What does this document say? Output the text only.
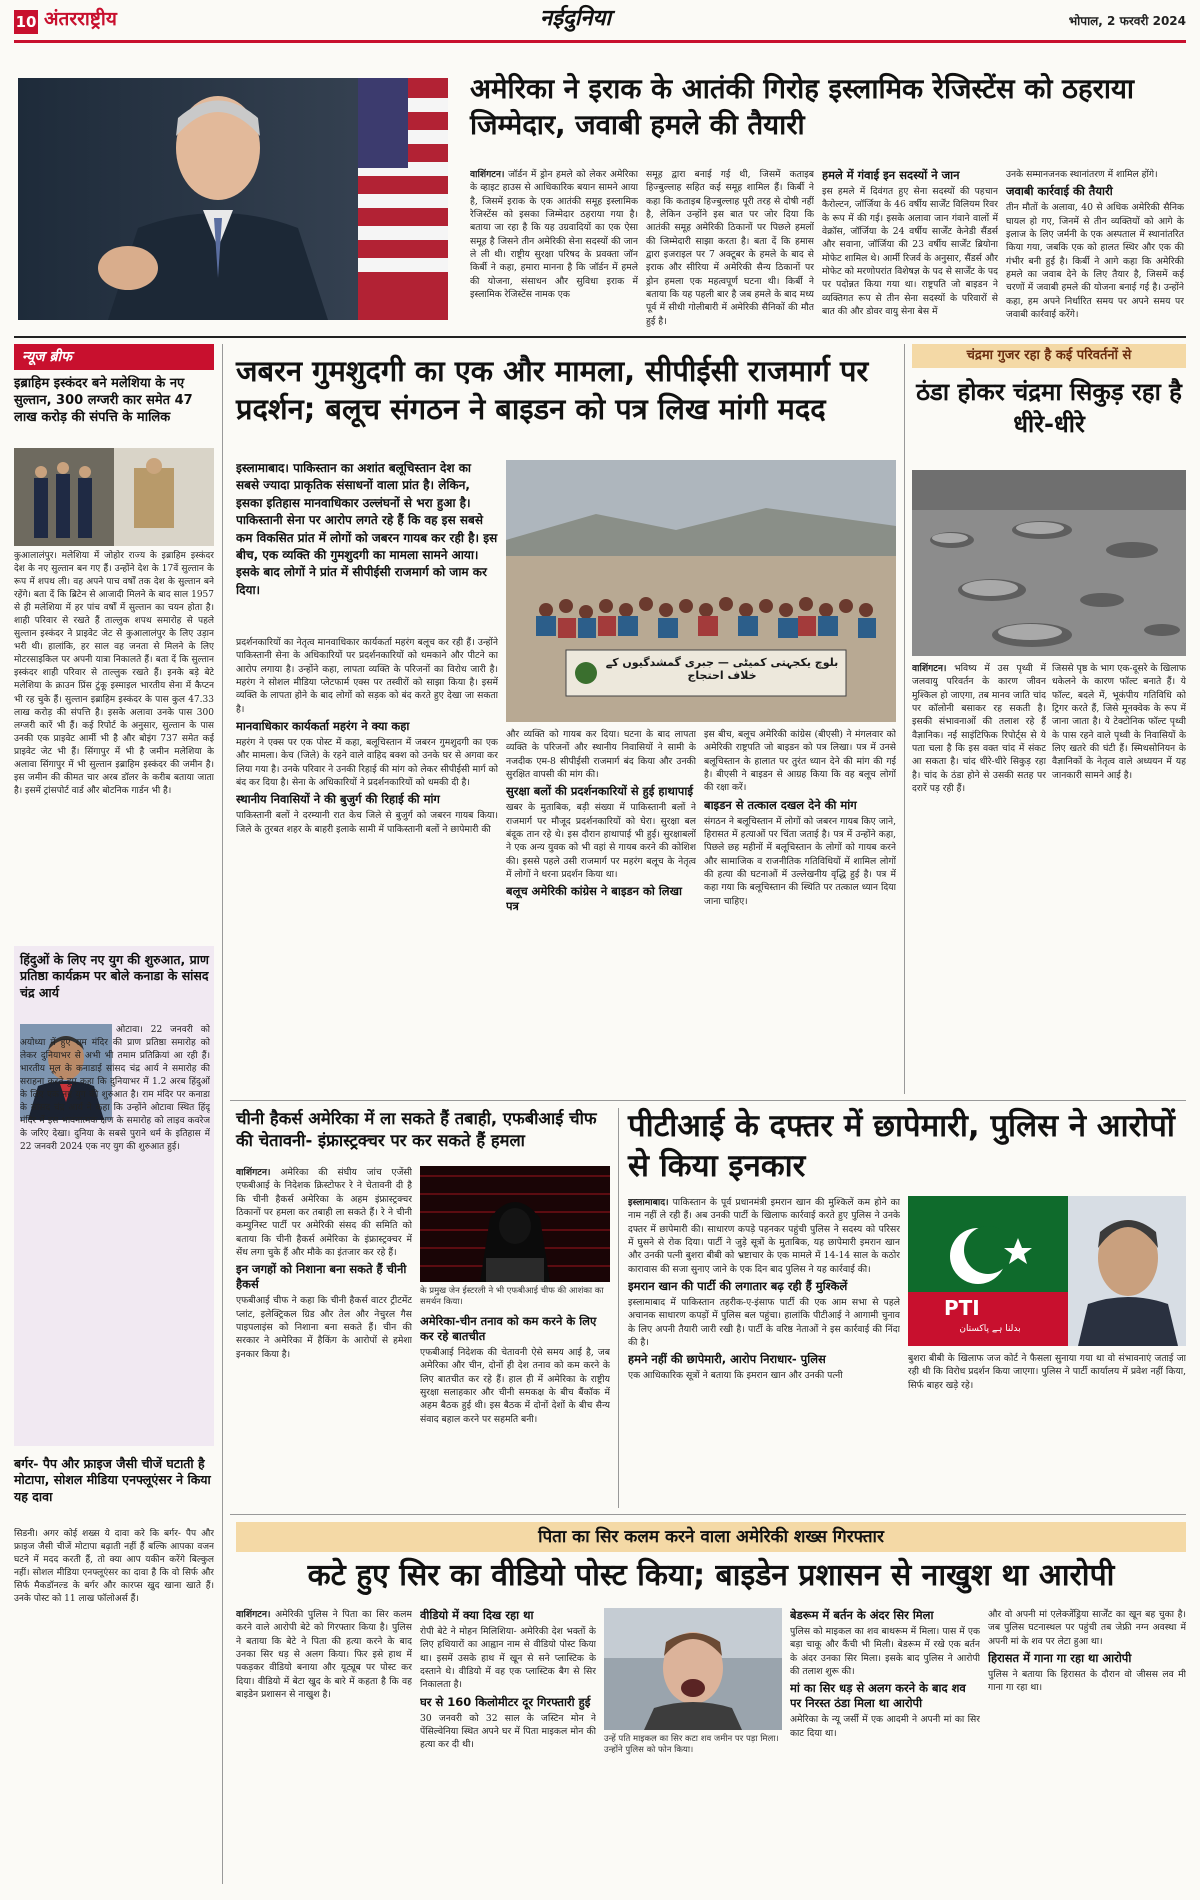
10 अंतरराष्ट्रीय	नईदुनिया	भोपाल, 2 फरवरी 2024
अमेरिका ने इराक के आतंकी गिरोह इस्लामिक रेजिस्टेंस को ठहराया जिम्मेदार, जवाबी हमले की तैयारी
वाशिंगटन। जॉर्डन में ड्रोन हमले को लेकर अमेरिका के व्हाइट हाउस से आधिकारिक बयान सामने आया है, जिसमें इराक के एक आतंकी समूह इस्लामिक रेजिस्टेंस को इसका जिम्मेदार ठहराया गया है। बताया जा रहा है कि यह उग्रवादियों का एक ऐसा समूह है जिसने तीन अमेरिकी सेना सदस्यों की जान ले ली थी। राष्ट्रीय सुरक्षा परिषद के प्रवक्ता जॉन किर्बी ने कहा, हमारा मानना है कि जॉर्डन में हमले की योजना, संसाधन और सुविधा इराक में इस्लामिक रेजिस्टेंस नामक एक
समूह द्वारा बनाई गई थी, जिसमें कताइब हिज्बुल्लाह सहित कई समूह शामिल हैं। किर्बी ने कहा कि कताइब हिज्बुल्लाह पूरी तरह से दोषी नहीं है, लेकिन उन्होंने इस बात पर जोर दिया कि आतंकी समूह अमेरिकी ठिकानों पर पिछले हमलों की जिम्मेदारी साझा करता है। बता दें कि हमास द्वारा इजराइल पर 7 अक्टूबर के हमले के बाद से इराक और सीरिया में अमेरिकी सैन्य ठिकानों पर ड्रोन हमला एक महत्वपूर्ण घटना थी। किर्बी ने बताया कि यह पहली बार है जब हमले के बाद मध्य पूर्व में सीधी गोलीबारी में अमेरिकी सैनिकों की मौत हुई है।
हमले में गंवाई इन सदस्यों ने जान
इस हमले में दिवंगत हुए सेना सदस्यों की पहचान कैरोल्टन, जॉर्जिया के 46 वर्षीय सार्जेंट विलियम रिवर के रूप में की गई। इसके अलावा जान गंवाने वालों में वेक्रॉस, जॉर्जिया के 24 वर्षीय सार्जेंट केनेडी सैंडर्स और सवाना, जॉर्जिया की 23 वर्षीय सार्जेंट ब्रियोना मोफेट शामिल थे। आर्मी रिजर्व के अनुसार, सैंडर्स और मोफेट को मरणोपरांत विशेषज्ञ के पद से सार्जेंट के पद पर पदोन्नत किया गया था। राष्ट्रपति जो बाइडन ने व्यक्तिगत रूप से तीन सेना सदस्यों के परिवारों से बात की और डोवर वायु सेना बेस में
उनके सम्मानजनक स्थानांतरण में शामिल होंगे।
जवाबी कार्रवाई की तैयारी
तीन मौतों के अलावा, 40 से अधिक अमेरिकी सैनिक घायल हो गए, जिनमें से तीन व्यक्तियों को आगे के इलाज के लिए जर्मनी के एक अस्पताल में स्थानांतरित किया गया, जबकि एक को हालत स्थिर और एक की गंभीर बनी हुई है। किर्बी ने आगे कहा कि अमेरिकी हमले का जवाब देने के लिए तैयार है, जिसमें कई चरणों में जवाबी हमले की योजना बनाई गई है। उन्होंने कहा, हम अपने निर्धारित समय पर अपने समय पर जवाबी कार्रवाई करेंगे।
न्यूज ब्रीफ
इब्राहिम इस्कंदर बने मलेशिया के नए सुल्तान, 300 लग्जरी कार समेत 47 लाख करोड़ की संपत्ति के मालिक
कुआलालंपुर। मलेशिया में जोहोर राज्य के इब्राहिम इस्कंदर देश के नए सुल्तान बन गए हैं। उन्होंने देश के 17वें सुल्तान के रूप में शपथ ली। वह अपने पाच वर्षों तक देश के सुल्तान बने रहेंगे। बता दें कि ब्रिटेन से आजादी मिलने के बाद साल 1957 से ही मलेशिया में हर पांच वर्षों में सुल्तान का चयन होता है। शाही परिवार से रखते हैं ताल्लुक शपथ समारोह से पहले सुल्तान इस्कंदर ने प्राइवेट जेट से कुआलालंपुर के लिए उड़ान भरी थी। हालांकि, हर साल वह जनता से मिलने के लिए मोटरसाइकिल पर अपनी यात्रा निकालते हैं। बता दें कि सुल्तान इस्कंदर शाही परिवार से ताल्लुक रखते हैं। इनके बड़े बेटे मलेशिया के क्राउन प्रिंस टुंकू इस्माइल भारतीय सेना में कैप्टन भी रह चुके हैं। सुल्तान इब्राहिम इस्कंदर के पास कुल 47.33 लाख करोड़ की संपत्ति है। इसके अलावा उनके पास 300 लग्जरी कारें भी हैं। कई रिपोर्ट के अनुसार, सुल्तान के पास उनकी एक प्राइवेट आर्मी भी है और बोइंग 737 समेत कई प्राइवेट जेट भी हैं। सिंगापुर में भी है जमीन मलेशिया के अलावा सिंगापुर में भी सुल्तान इब्राहिम इस्कंदर की जमीन है। इस जमीन की कीमत चार अरब डॉलर के करीब बताया जाता है। इसमें ट्रांसपोर्ट वार्ड और बोटनिक गार्डन भी है।
हिंदुओं के लिए नए युग की शुरुआत, प्राण प्रतिष्ठा कार्यक्रम पर बोले कनाडा के सांसद चंद्र आर्य
ओटावा। 22 जनवरी को अयोध्या में हुए राम मंदिर की प्राण प्रतिष्ठा समारोह को लेकर दुनियाभर से अभी भी तमाम प्रतिक्रियां आ रही हैं। भारतीय मूल के कनाडाई सांसद चंद्र आर्य ने समारोह की सराहना करते हुए कहा कि दुनियाभर में 1.2 अरब हिंदुओं के लिए एक नए युग की शुरुआत है। राम मंदिर पर कनाडा के सांसद चंद्र आर्य ने कहा कि उन्होंने ओटावा स्थित हिंदू मंदिर में इस भावनात्मक क्षण के समारोह को लाइव कवरेज के जरिए देखा। दुनिया के सबसे पुराने धर्म के इतिहास में 22 जनवरी 2024 एक नए युग की शुरुआत हुई।
बर्गर- पैप और फ्राइज जैसी चीजें घटाती है मोटापा, सोशल मीडिया एनफ्लूएंसर ने किया यह दावा
सिडनी। अगर कोई शख्स ये दावा करे कि बर्गर- पैप और फ्राइज जैसी चीजें मोटापा बढ़ाती नहीं हैं बल्कि आपका वजन घटने में मदद करती हैं, तो क्या आप यकीन करेंगे बिल्कुल नहीं। सोशल मीडिया एनफ्लूएंसर का दावा है कि वो सिर्फ और सिर्फ मैकडॉनल्ड के बर्गर और कारप्स खुद खाना खाते हैं। उनके पोस्ट को 11 लाख फॉलोअर्स हैं।
जबरन गुमशुदगी का एक और मामला, सीपीईसी राजमार्ग पर प्रदर्शन; बलूच संगठन ने बाइडन को पत्र लिख मांगी मदद
इस्लामाबाद। पाकिस्तान का अशांत बलूचिस्तान देश का सबसे ज्यादा प्राकृतिक संसाधनों वाला प्रांत है। लेकिन, इसका इतिहास मानवाधिकार उल्लंघनों से भरा हुआ है। पाकिस्तानी सेना पर आरोप लगते रहे हैं कि वह इस सबसे कम विकसित प्रांत में लोगों को जबरन गायब कर रही है। इस बीच, एक व्यक्ति की गुमशुदगी का मामला सामने आया। इसके बाद लोगों ने प्रांत में सीपीईसी राजमार्ग को जाम कर दिया।
بلوچ یکجہتی کمیٹی — جبری گمشدگیوں کے خلاف احتجاج
प्रदर्शनकारियों का नेतृत्व मानवाधिकार कार्यकर्ता महरंग बलूच कर रही हैं। उन्होंने पाकिस्तानी सेना के अधिकारियों पर प्रदर्शनकारियों को धमकाने और पीटने का आरोप लगाया है। उन्होंने कहा, लापता व्यक्ति के परिजनों का विरोध जारी है। महरंग ने सोशल मीडिया प्लेटफार्म एक्स पर तस्वीरों को साझा किया है। इसमें व्यक्ति के लापता होने के बाद लोगों को सड़क को बंद करते हुए देखा जा सकता है।
मानवाधिकार कार्यकर्ता महरंग ने क्या कहा
महरंग ने एक्स पर एक पोस्ट में कहा, बलूचिस्तान में जबरन गुमशुदगी का एक और मामला। केच (जिले) के रहने वाले वाहिद बक्श को उनके घर से अगवा कर लिया गया है। उनके परिवार ने उनकी रिहाई की मांग को लेकर सीपीईसी मार्ग को बंद कर दिया है। सेना के अधिकारियों ने प्रदर्शनकारियों को धमकी दी है।
स्थानीय निवासियों ने की बुजुर्ग की रिहाई की मांग
पाकिस्तानी बलों ने दरम्यानी रात केच जिले से बुजुर्ग को जबरन गायब किया। जिले के तुरबत शहर के बाहरी इलाके सामी में पाकिस्तानी बलों ने छापेमारी की
और व्यक्ति को गायब कर दिया। घटना के बाद लापता व्यक्ति के परिजनों और स्थानीय निवासियों ने सामी के नजदीक एम-8 सीपीईसी राजमार्ग बंद किया और उनकी सुरक्षित वापसी की मांग की।
सुरक्षा बलों की प्रदर्शनकारियों से हुई हाथापाई
खबर के मुताबिक, बड़ी संख्या में पाकिस्तानी बलों ने राजमार्ग पर मौजूद प्रदर्शनकारियों को घेरा। सुरक्षा बल बंदूक तान रहे थे। इस दौरान हाथापाई भी हुई। सुरक्षाबलों ने एक अन्य युवक को भी वहां से गायब करने की कोशिश की। इससे पहले उसी राजमार्ग पर महरंग बलूच के नेतृत्व में लोगों ने धरना प्रदर्शन किया था।
बलूच अमेरिकी कांग्रेस ने बाइडन को लिखा पत्र
इस बीच, बलूच अमेरिकी कांग्रेस (बीएसी) ने मंगलवार को अमेरिकी राष्ट्रपति जो बाइडन को पत्र लिखा। पत्र में उनसे बलूचिस्तान के हालात पर तुरंत ध्यान देने की मांग की गई है। बीएसी ने बाइडन से आग्रह किया कि वह बलूच लोगों की रक्षा करें।
बाइडन से तत्काल दखल देने की मांग
संगठन ने बलूचिस्तान में लोगों को जबरन गायब किए जाने, हिरासत में हत्याओं पर चिंता जताई है। पत्र में उन्होंने कहा, पिछले छह महीनों में बलूचिस्तान के लोगों को गायब करने और सामाजिक व राजनीतिक गतिविधियों में शामिल लोगों की हत्या की घटनाओं में उल्लेखनीय वृद्धि हुई है। पत्र में कहा गया कि बलूचिस्तान की स्थिति पर तत्काल ध्यान दिया जाना चाहिए।
चंद्रमा गुजर रहा है कई परिवर्तनों से
ठंडा होकर चंद्रमा सिकुड़ रहा है धीरे-धीरे
वाशिंगटन। भविष्य में उस पृथ्वी में जलवायु परिवर्तन के कारण जीवन मुश्किल हो जाएगा, तब मानव जाति चांद पर कॉलोनी बसाकर रह सकती है। इसकी संभावनाओं की तलाश रहे हैं वैज्ञानिक। नई साइंटिफिक रिपोर्ट्स से ये पता चला है कि इस वक्त चांद में संकट आ सकता है। चांद धीरे-धीरे सिकुड़ रहा है। चांद के ठंडा होने से उसकी सतह पर दरारें पड़ रही हैं।
जिससे पृष्ठ के भाग एक-दूसरे के खिलाफ धकेलने के कारण फॉल्ट बनाते हैं। ये फॉल्ट, बदले में, भूकंपीय गतिविधि को ट्रिगर करते हैं, जिसे मूनक्वेक के रूप में जाना जाता है। ये टेक्टोनिक फॉल्ट पृथ्वी के पास रहने वाले पृथ्वी के निवासियों के लिए खतरे की घंटी हैं। स्मिथसोनियन के वैज्ञानिकों के नेतृत्व वाले अध्ययन में यह जानकारी सामने आई है।
चीनी हैकर्स अमेरिका में ला सकते हैं तबाही, एफबीआई चीफ की चेतावनी- इंफ्रास्ट्रक्चर पर कर सकते हैं हमला
वाशिंगटन। अमेरिका की संघीय जांच एजेंसी एफबीआई के निदेशक क्रिस्टोफर रे ने चेतावनी दी है कि चीनी हैकर्स अमेरिका के अहम इंफ्रास्ट्रक्चर ठिकानों पर हमला कर तबाही ला सकते हैं। रे ने चीनी कम्युनिस्ट पार्टी पर अमेरिकी संसद की समिति को बताया कि चीनी हैकर्स अमेरिका के इंफ्रास्ट्रक्चर में सेंध लगा चुके हैं और मौके का इंतजार कर रहे हैं।
इन जगहों को निशाना बना सकते हैं चीनी हैकर्स
एफबीआई चीफ ने कहा कि चीनी हैकर्स वाटर ट्रीटमेंट प्लांट, इलेक्ट्रिकल ग्रिड और तेल और नेचुरल गैस पाइपलाइंस को निशाना बना सकते हैं। चीन की सरकार ने अमेरिका में हैकिंग के आरोपों से हमेशा इनकार किया है।
के प्रमुख जेन ईस्टरली ने भी एफबीआई चीफ की आशंका का समर्थन किया।
अमेरिका-चीन तनाव को कम करने के लिए कर रहे बातचीत
एफबीआई निदेशक की चेतावनी ऐसे समय आई है, जब अमेरिका और चीन, दोनों ही देश तनाव को कम करने के लिए बातचीत कर रहे हैं। हाल ही में अमेरिका के राष्ट्रीय सुरक्षा सलाहकार और चीनी समकक्ष के बीच बैंकॉक में अहम बैठक हुई थी। इस बैठक में दोनों देशों के बीच सैन्य संवाद बहाल करने पर सहमति बनी।
पीटीआई के दफ्तर में छापेमारी, पुलिस ने आरोपों से किया इनकार
इस्लामाबाद। पाकिस्तान के पूर्व प्रधानमंत्री इमरान खान की मुश्किलें कम होने का नाम नहीं ले रही हैं। अब उनकी पार्टी के खिलाफ कार्रवाई करते हुए पुलिस ने उनके दफ्तर में छापेमारी की। साधारण कपड़े पहनकर पहुंची पुलिस ने सदस्य को परिसर में घुसने से रोक दिया। पार्टी ने जुड़े सूत्रों के मुताबिक, यह छापेमारी इमरान खान और उनकी पत्नी बुशरा बीबी को भ्रष्टाचार के एक मामले में 14-14 साल के कठोर कारावास की सजा सुनाए जाने के एक दिन बाद पुलिस ने यह कार्रवाई की।
इमरान खान की पार्टी की लगातार बढ़ रही हैं मुश्किलें
इस्लामाबाद में पाकिस्तान तहरीक-ए-इंसाफ पार्टी की एक आम सभा से पहले अचानक साधारण कपड़ों में पुलिस बल पहुंचा। हालांकि पीटीआई ने आगामी चुनाव के लिए अपनी तैयारी जारी रखी है। पार्टी के वरिष्ठ नेताओं ने इस कार्रवाई की निंदा की है।
हमने नहीं की छापेमारी, आरोप निराधार- पुलिस
एक आधिकारिक सूत्रों ने बताया कि इमरान खान और उनकी पत्नी
PTI
بدلنا ہے پاکستان
बुशरा बीबी के खिलाफ जज कोर्ट ने फैसला सुनाया गया था वो संभावनाएं जताई जा रही थी कि विरोध प्रदर्शन किया जाएगा। पुलिस ने पार्टी कार्यालय में प्रवेश नहीं किया, सिर्फ बाहर खड़े रहे।
पिता का सिर कलम करने वाला अमेरिकी शख्स गिरफ्तार
कटे हुए सिर का वीडियो पोस्ट किया; बाइडेन प्रशासन से नाखुश था आरोपी
वाशिंगटन। अमेरिकी पुलिस ने पिता का सिर कलम करने वाले आरोपी बेटे को गिरफ्तार किया है। पुलिस ने बताया कि बेटे ने पिता की हत्या करने के बाद उनका सिर धड़ से अलग किया। फिर इसे हाथ में पकड़कर वीडियो बनाया और यूट्यूब पर पोस्ट कर दिया। वीडियो में बेटा खुद के बारे में कहता है कि वह बाइडेन प्रशासन से नाखुश है।
वीडियो में क्या दिख रहा था
रोपी बेटे ने मोहन मिलिशिया- अमेरिकी देश भक्तों के लिए हथियारों का आह्वान नाम से वीडियो पोस्ट किया था। इसमें उसके हाथ में खून से सने प्लास्टिक के दस्ताने थे। वीडियो में वह एक प्लास्टिक बैग से सिर निकालता है।
घर से 160 किलोमीटर दूर गिरफ्तारी हुई
30 जनवरी को 32 साल के जस्टिन मोन ने पेंसिल्वेनिया स्थित अपने घर में पिता माइकल मोन की हत्या कर दी थी।
उन्हें पति माइकल का सिर कटा शव जमीन पर पड़ा मिला। उन्होंने पुलिस को फोन किया।
बेडरूम में बर्तन के अंदर सिर मिला
पुलिस को माइकल का शव बाथरूम में मिला। पास में एक बड़ा चाकू और कैंची भी मिली। बेडरूम में रखे एक बर्तन के अंदर उनका सिर मिला। इसके बाद पुलिस ने आरोपी की तलाश शुरू की।
मां का सिर धड़ से अलग करने के बाद शव पर निरस्त ठंडा मिला था आरोपी
अमेरिका के न्यू जर्सी में एक आदमी ने अपनी मां का सिर काट दिया था।
और वो अपनी मां एलेक्जेंड्रिया सार्जेंट का खून बह चुका है। जब पुलिस घटनास्थल पर पहुंची तब जेफ्री नग्न अवस्था में अपनी मां के शव पर लेटा हुआ था।
हिरासत में गाना गा रहा था आरोपी
पुलिस ने बताया कि हिरासत के दौरान वो जीसस लव मी गाना गा रहा था।
